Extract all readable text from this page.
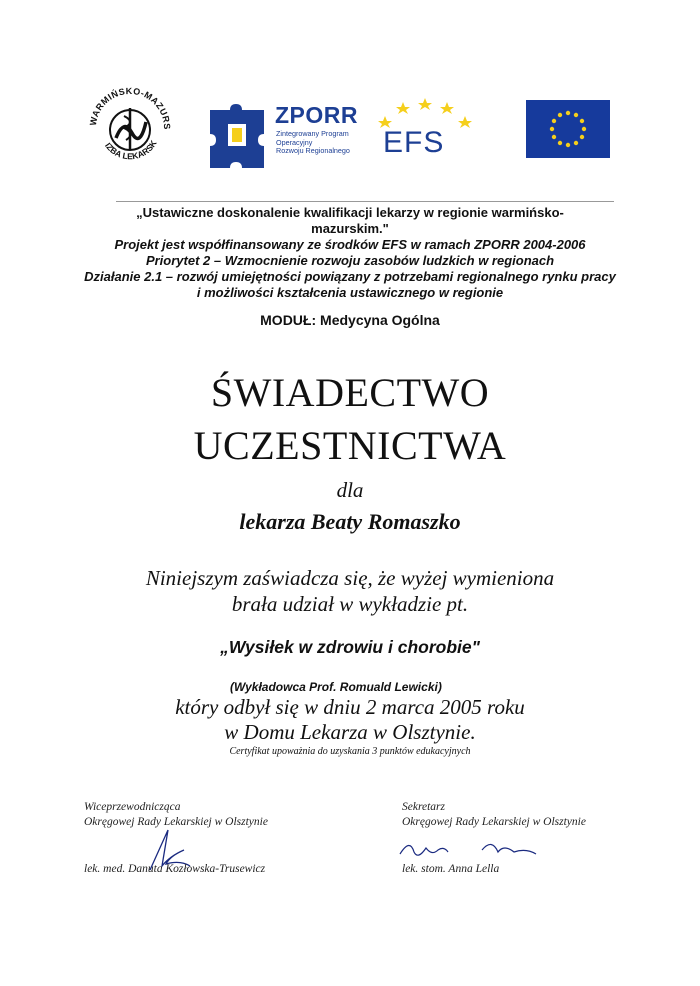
WARMIŃSKO-MAZURS
IZBA LEKARSK
ZPORR
Zintegrowany Program
Operacyjny
Rozwoju Regionalnego	EFS
„Ustawiczne doskonalenie kwalifikacji lekarzy w regionie warmińsko-
mazurskim."
Projekt jest współfinansowany ze środków EFS w ramach ZPORR 2004-2006
Priorytet 2 – Wzmocnienie rozwoju zasobów ludzkich w regionach
Działanie 2.1 – rozwój umiejętności powiązany z potrzebami regionalnego rynku pracy
i możliwości kształcenia ustawicznego w regionie
MODUŁ: Medycyna Ogólna
ŚWIADECTWO
UCZESTNICTWA
dla
lekarza Beaty Romaszko
Niniejszym zaświadcza się, że wyżej wymieniona
brała udział w wykładzie pt.
„Wysiłek w zdrowiu i chorobie"
(Wykładowca Prof. Romuald Lewicki)
który odbył się w dniu 2 marca 2005 roku
w Domu Lekarza w Olsztynie.
Certyfikat upoważnia do uzyskania 3 punktów edukacyjnych
Wiceprzewodnicząca
Okręgowej Rady Lekarskiej w Olsztynie
lek. med. Danuta Kozłowska-Trusewicz
Sekretarz
Okręgowej Rady Lekarskiej w Olsztynie
lek. stom. Anna Lella
